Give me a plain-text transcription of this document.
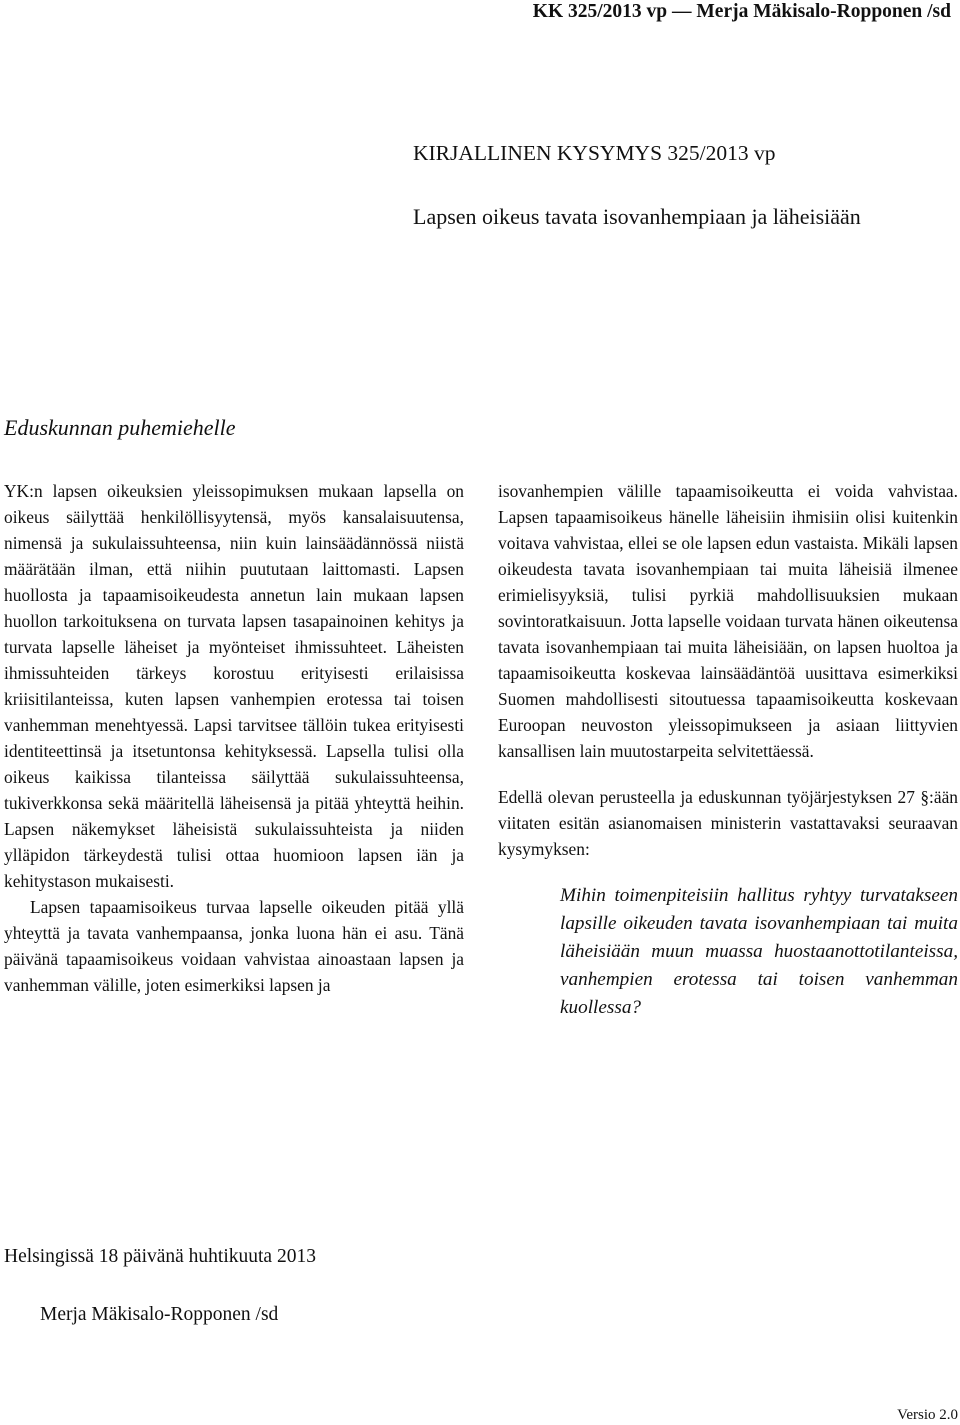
KK 325/2013 vp — Merja Mäkisalo-Ropponen /sd

KIRJALLINEN KYSYMYS 325/2013 vp
Lapsen oikeus tavata isovanhempiaan ja läheisiään
Eduskunnan puhemiehelle

YK:n lapsen oikeuksien yleissopimuksen mukaan lapsella on oikeus säilyttää henkilöllisyytensä, myös kansalaisuutensa, nimensä ja sukulaissuhteensa, niin kuin lainsäädännössä niistä määrätään ilman, että niihin puututaan laittomasti. Lapsen huollosta ja tapaamisoikeudesta annetun lain mukaan lapsen huollon tarkoituksena on turvata lapsen tasapainoinen kehitys ja turvata lapselle läheiset ja myönteiset ihmissuhteet. Läheisten ihmissuhteiden tärkeys korostuu erityisesti erilaisissa kriisitilanteissa, kuten lapsen vanhempien erotessa tai toisen vanhemman menehtyessä. Lapsi tarvitsee tällöin tukea erityisesti identiteettinsä ja itsetuntonsa kehityksessä. Lapsella tulisi olla oikeus kaikissa tilanteissa säilyttää sukulaissuhteensa, tukiverkkonsa sekä määritellä läheisensä ja pitää yhteyttä heihin. Lapsen näkemykset läheisistä sukulaissuhteista ja niiden ylläpidon tärkeydestä tulisi ottaa huomioon lapsen iän ja kehitystason mukaisesti.

Lapsen tapaamisoikeus turvaa lapselle oikeuden pitää yllä yhteyttä ja tavata vanhempaansa, jonka luona hän ei asu. Tänä päivänä tapaamisoikeus voidaan vahvistaa ainoastaan lapsen ja vanhemman välille, joten esimerkiksi lapsen ja

isovanhempien välille tapaamisoikeutta ei voida vahvistaa. Lapsen tapaamisoikeus hänelle läheisiin ihmisiin olisi kuitenkin voitava vahvistaa, ellei se ole lapsen edun vastaista. Mikäli lapsen oikeudesta tavata isovanhempiaan tai muita läheisiä ilmenee erimielisyyksiä, tulisi pyrkiä mahdollisuuksien mukaan sovintoratkaisuun. Jotta lapselle voidaan turvata hänen oikeutensa tavata isovanhempiaan tai muita läheisiään, on lapsen huoltoa ja tapaamisoikeutta koskevaa lainsäädäntöä uusittava esimerkiksi Suomen mahdollisesti sitoutuessa tapaamisoikeutta koskevaan Euroopan neuvoston yleissopimukseen ja asiaan liittyvien kansallisen lain muutostarpeita selvitettäessä.

Edellä olevan perusteella ja eduskunnan työjärjestyksen 27 §:ään viitaten esitän asianomaisen ministerin vastattavaksi seuraavan kysymyksen:

Mihin toimenpiteisiin hallitus ryhtyy turvatakseen lapsille oikeuden tavata isovanhempiaan tai muita läheisiään muun muassa huostaanottotilanteissa, vanhempien erotessa tai toisen vanhemman kuollessa?

Helsingissä 18 päivänä huhtikuuta 2013

Merja Mäkisalo-Ropponen /sd

Versio 2.0
